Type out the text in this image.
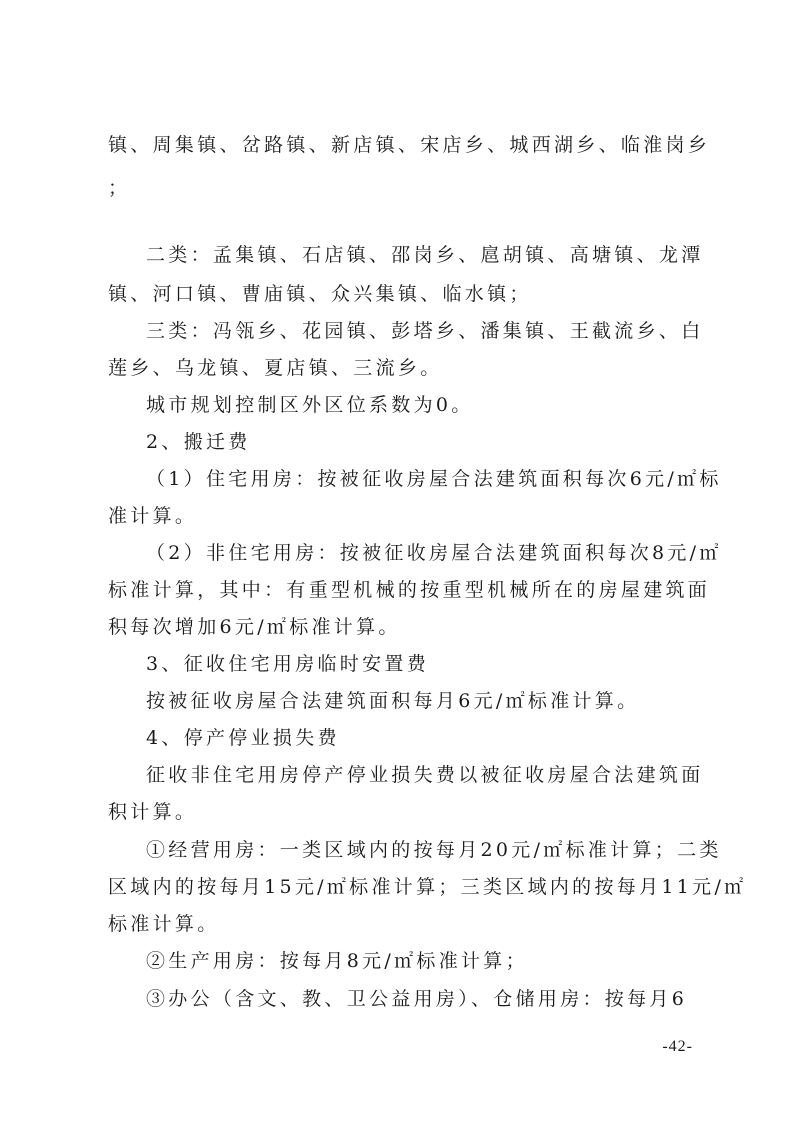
镇、周集镇、岔路镇、新店镇、宋店乡、城西湖乡、临淮岗乡
；
二类：孟集镇、石店镇、邵岗乡、扈胡镇、高塘镇、龙潭
镇、河口镇、曹庙镇、众兴集镇、临水镇；
三类：冯瓴乡、花园镇、彭塔乡、潘集镇、王截流乡、白
莲乡、乌龙镇、夏店镇、三流乡。
城市规划控制区外区位系数为0。
2、搬迁费
（1）住宅用房：按被征收房屋合法建筑面积每次6元/㎡标
准计算。
（2）非住宅用房：按被征收房屋合法建筑面积每次8元/㎡
标准计算，其中：有重型机械的按重型机械所在的房屋建筑面
积每次增加6元/㎡标准计算。
3、征收住宅用房临时安置费
按被征收房屋合法建筑面积每月6元/㎡标准计算。
4、停产停业损失费
征收非住宅用房停产停业损失费以被征收房屋合法建筑面
积计算。
①经营用房：一类区域内的按每月20元/㎡标准计算；二类
区域内的按每月15元/㎡标准计算；三类区域内的按每月11元/㎡
标准计算。
②生产用房：按每月8元/㎡标准计算；
③办公（含文、教、卫公益用房）、仓储用房：按每月6
-42-
